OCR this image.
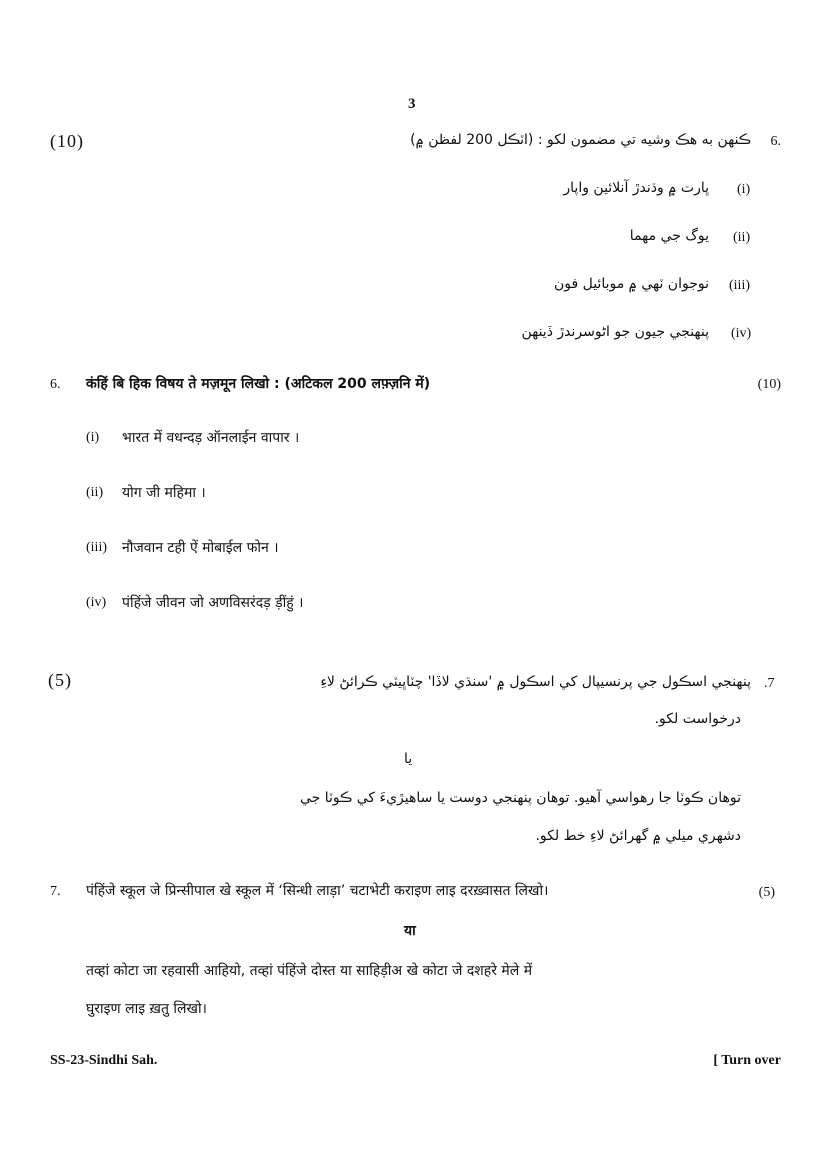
3
(10)	6.
ڪنهن به هڪ وشيه تي مضمون لکو : (اٽڪل 200 لفظن ۾)
(i)
ڀارت ۾ وڌندڙ آنلائين واپار
(ii)
يوگ جي مهما
(iii)
نوجوان ٽهي ۾ موبائيل فون
(iv)
پنهنجي جيون جو اڻوسرندڙ ڏينهن
6. कंहिं बि हिक विषय ते मज़मून लिखो : (अटिकल 200 लफ़्ज़नि में)	(10)
(i) भारत में वधन्दड़ ऑनलाईन वापार ।
(ii) योग जी महिमा ।
(iii) नौजवान टही ऐं मोबाईल फोन ।
(iv) पंहिंजे जीवन जो अणविसरंदड़ ड़ींहुं ।
(5)	.7
پنهنجي اسڪول جي پرنسيپال کي اسڪول ۾ 'سنڌي لاڏا' چٽاڀيٽي ڪرائڻ لاءِ
درخواست لکو.
يا
توهان ڪوٽا جا رهواسي آهيو. توهان پنهنجي دوست يا ساهيڙيءَ کي ڪوٽا جي
دشهري ميلي ۾ گهرائڻ لاءِ خط لکو.
7. पंहिंजे स्कूल जे प्रिन्सीपाल खे स्कूल में ‘सिन्धी लाड़ा’ चटाभेटी कराइण लाइ दरख़्वासत लिखो।	(5)
या
तव्हां कोटा जा रहवासी आहियो, तव्हां पंहिंजे दोस्त या साहिड़ीअ खे कोटा जे दशहरे मेले में
घुराइण लाइ ख़तु लिखो।
SS-23-Sindhi Sah.	[ Turn over
